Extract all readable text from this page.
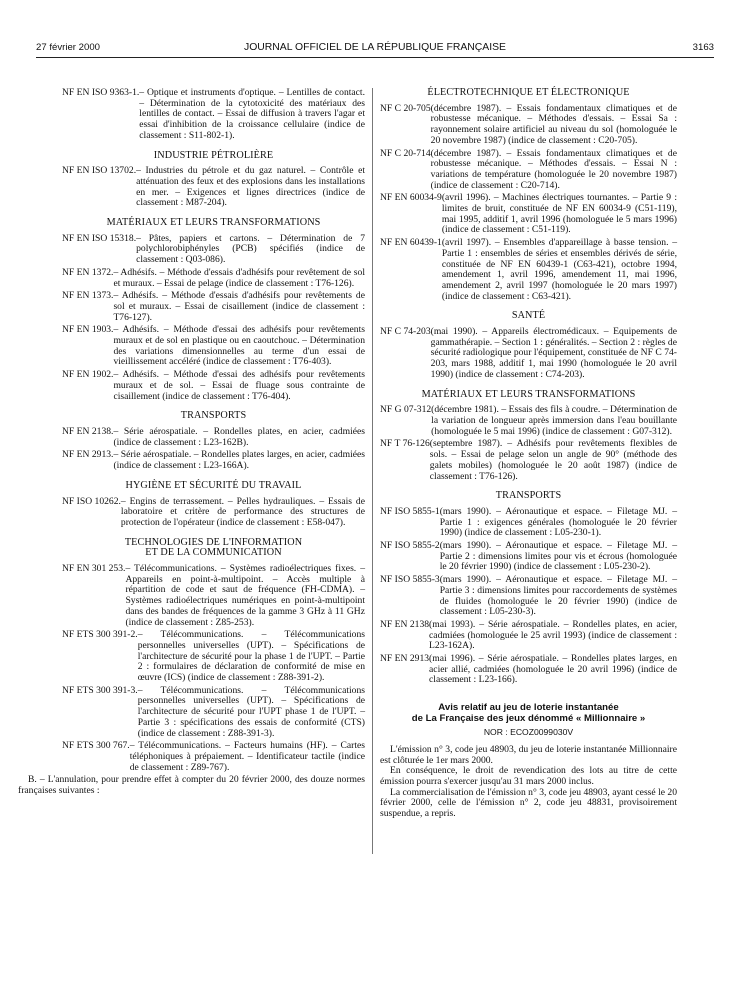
27 février 2000	JOURNAL OFFICIEL DE LA RÉPUBLIQUE FRANÇAISE	3163
NF EN ISO 9363-1. – Optique et instruments d'optique. – Lentilles de contact. – Détermination de la cytotoxicité des matériaux des lentilles de contact. – Essai de diffusion à travers l'agar et essai d'inhibition de la croissance cellulaire (indice de classement : S11-802-1).
INDUSTRIE PÉTROLIÈRE
NF EN ISO 13702. – Industries du pétrole et du gaz naturel. – Contrôle et atténuation des feux et des explosions dans les installations en mer. – Exigences et lignes directrices (indice de classement : M87-204).
MATÉRIAUX ET LEURS TRANSFORMATIONS
NF EN ISO 15318. – Pâtes, papiers et cartons. – Détermination de 7 polychlorobiphényles (PCB) spécifiés (indice de classement : Q03-086).
NF EN 1372. – Adhésifs. – Méthode d'essais d'adhésifs pour revêtement de sol et muraux. – Essai de pelage (indice de classement : T76-126).
NF EN 1373. – Adhésifs. – Méthode d'essais d'adhésifs pour revêtements de sol et muraux. – Essai de cisaillement (indice de classement : T76-127).
NF EN 1903. – Adhésifs. – Méthode d'essai des adhésifs pour revêtements muraux et de sol en plastique ou en caoutchouc. – Détermination des variations dimensionnelles au terme d'un essai de vieillissement accéléré (indice de classement : T76-403).
NF EN 1902. – Adhésifs. – Méthode d'essai des adhésifs pour revêtements muraux et de sol. – Essai de fluage sous contrainte de cisaillement (indice de classement : T76-404).
TRANSPORTS
NF EN 2138. – Série aérospatiale. – Rondelles plates, en acier, cadmiées (indice de classement : L23-162B).
NF EN 2913. – Série aérospatiale. – Rondelles plates larges, en acier, cadmiées (indice de classement : L23-166A).
HYGIÈNE ET SÉCURITÉ DU TRAVAIL
NF ISO 10262. – Engins de terrassement. – Pelles hydrauliques. – Essais de laboratoire et critère de performance des structures de protection de l'opérateur (indice de classement : E58-047).
TECHNOLOGIES DE L'INFORMATION ET DE LA COMMUNICATION
NF EN 301 253. – Télécommunications. – Systèmes radioélectriques fixes. – Appareils en point-à-multipoint. – Accès multiple à répartition de code et saut de fréquence (FH-CDMA). – Systèmes radioélectriques numériques en point-à-multipoint dans des bandes de fréquences de la gamme 3 GHz à 11 GHz (indice de classement : Z85-253).
NF ETS 300 391-2. – Télécommunications. – Télécommunications personnelles universelles (UPT). – Spécifications de l'architecture de sécurité pour la phase 1 de l'UPT. – Partie 2 : formulaires de déclaration de conformité de mise en œuvre (ICS) (indice de classement : Z88-391-2).
NF ETS 300 391-3. – Télécommunications. – Télécommunications personnelles universelles (UPT). – Spécifications de l'architecture de sécurité pour l'UPT phase 1 de l'UPT. – Partie 3 : spécifications des essais de conformité (CTS) (indice de classement : Z88-391-3).
NF ETS 300 767. – Télécommunications. – Facteurs humains (HF). – Cartes téléphoniques à prépaiement. – Identificateur tactile (indice de classement : Z89-767).

B. – L'annulation, pour prendre effet à compter du 20 février 2000, des douze normes françaises suivantes :

ÉLECTROTECHNIQUE ET ÉLECTRONIQUE
NF C 20-705 (décembre 1987). – Essais fondamentaux climatiques et de robustesse mécanique. – Méthodes d'essais. – Essai Sa : rayonnement solaire artificiel au niveau du sol (homologuée le 20 novembre 1987) (indice de classement : C20-705).
NF C 20-714 (décembre 1987). – Essais fondamentaux climatiques et de robustesse mécanique. – Méthodes d'essais. – Essai N : variations de température (homologuée le 20 novembre 1987) (indice de classement : C20-714).
NF EN 60034-9 (avril 1996). – Machines électriques tournantes. – Partie 9 : limites de bruit, constituée de NF EN 60034-9 (C51-119), mai 1995, additif 1, avril 1996 (homologuée le 5 mars 1996) (indice de classement : C51-119).
NF EN 60439-1 (avril 1997). – Ensembles d'appareillage à basse tension. – Partie 1 : ensembles de séries et ensembles dérivés de série, constituée de NF EN 60439-1 (C63-421), octobre 1994, amendement 1, avril 1996, amendement 11, mai 1996, amendement 2, avril 1997 (homologuée le 20 mars 1997) (indice de classement : C63-421).
SANTÉ
NF C 74-203 (mai 1990). – Appareils électromédicaux. – Equipements de gammathérapie. – Section 1 : généralités. – Section 2 : règles de sécurité radiologique pour l'équipement, constituée de NF C 74-203, mars 1988, additif 1, mai 1990 (homologuée le 20 avril 1990) (indice de classement : C74-203).
MATÉRIAUX ET LEURS TRANSFORMATIONS
NF G 07-312 (décembre 1981). – Essais des fils à coudre. – Détermination de la variation de longueur après immersion dans l'eau bouillante (homologuée le 5 mai 1996) (indice de classement : G07-312).
NF T 76-126 (septembre 1987). – Adhésifs pour revêtements flexibles de sols. – Essai de pelage selon un angle de 90° (méthode des galets mobiles) (homologuée le 20 août 1987) (indice de classement : T76-126).
TRANSPORTS
NF ISO 5855-1 (mars 1990). – Aéronautique et espace. – Filetage MJ. – Partie 1 : exigences générales (homologuée le 20 février 1990) (indice de classement : L05-230-1).
NF ISO 5855-2 (mars 1990). – Aéronautique et espace. – Filetage MJ. – Partie 2 : dimensions limites pour vis et écrous (homologuée le 20 février 1990) (indice de classement : L05-230-2).
NF ISO 5855-3 (mars 1990). – Aéronautique et espace. – Filetage MJ. – Partie 3 : dimensions limites pour raccordements de systèmes de fluides (homologuée le 20 février 1990) (indice de classement : L05-230-3).
NF EN 2138 (mai 1993). – Série aérospatiale. – Rondelles plates, en acier, cadmiées (homologuée le 25 avril 1993) (indice de classement : L23-162A).
NF EN 2913 (mai 1996). – Série aérospatiale. – Rondelles plates larges, en acier allié, cadmiées (homologuée le 20 avril 1996) (indice de classement : L23-166).
Avis relatif au jeu de loterie instantanée
de La Française des jeux dénommé « Millionnaire »
NOR : ECOZ0099030V

L'émission n° 3, code jeu 48903, du jeu de loterie instantanée Millionnaire est clôturée le 1er mars 2000.

En conséquence, le droit de revendication des lots au titre de cette émission pourra s'exercer jusqu'au 31 mars 2000 inclus.

La commercialisation de l'émission n° 3, code jeu 48903, ayant cessé le 20 février 2000, celle de l'émission n° 2, code jeu 48831, provisoirement suspendue, a repris.
